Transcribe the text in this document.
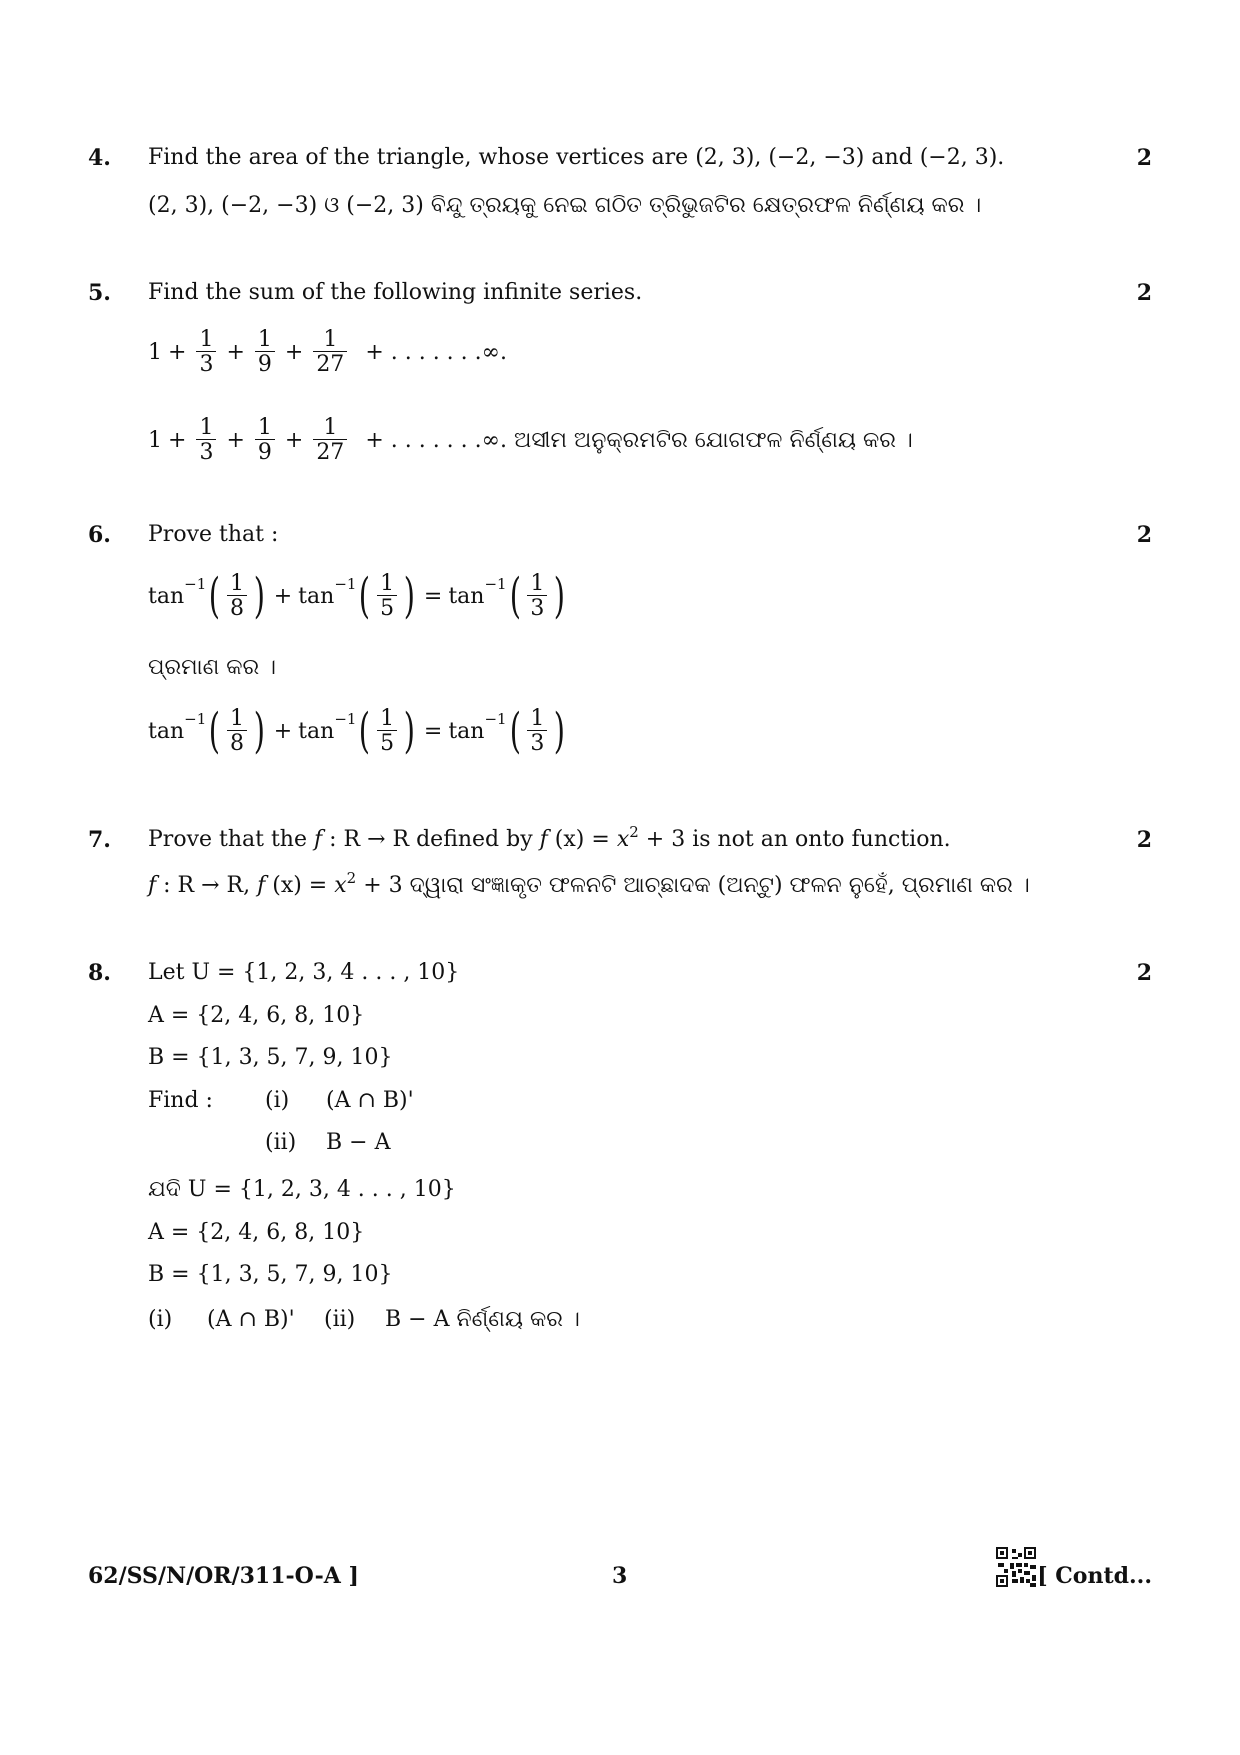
4. Find the area of the triangle, whose vertices are (2, 3), (−2, −3) and (−2, 3).	2
(2, 3), (−2, −3) ଓ (−2, 3) ବିନ୍ଦୁ ତ୍ରୟକୁ ନେଇ ଗଠିତ ତ୍ରିଭୁଜଟିର କ୍ଷେତ୍ରଫଳ ନିର୍ଣ୍ଣୟ କର ।
5. Find the sum of the following infinite series.	2
$1 + \frac{1}{3} + \frac{1}{9} + \frac{1}{27}$ + . . . . . . .∞.
$1 + \frac{1}{3} + \frac{1}{9} + \frac{1}{27}$ + . . . . . . .∞. ଅସୀମ ଅନୁକ୍ରମଟିର ଯୋଗଫଳ ନିର୍ଣ୍ଣୟ କର ।
6. Prove that :	2
tan −1 ( $\frac{1}{8}$ ) + tan −1 ( $\frac{1}{5}$ ) = tan −1 ( $\frac{1}{3}$ )
ପ୍ରମାଣ କର ।
tan −1 ( $\frac{1}{8}$ ) + tan −1 ( $\frac{1}{5}$ ) = tan −1 ( $\frac{1}{3}$ )
7. Prove that the f : R → R defined by f $(x) = x^2 + 3$ is not an onto function.	2
f : R → R, f $(x) = x^2 + 3$ ଦ୍ୱାରା ସଂଜ୍ଞାକୃତ ଫଳନଟି ଆଚ୍ଛାଦକ (ଅନ୍‌ଟୁ) ଫଳନ ନୁହେଁ, ପ୍ରମାଣ କର ।
8. Let U = {1, 2, 3, 4 . . . , 10}	2
A = {2, 4, 6, 8, 10}
B = {1, 3, 5, 7, 9, 10}
Find : (i) (A ∩ B)'
(ii) B − A
ଯଦି U = {1, 2, 3, 4 . . . , 10}
A = {2, 4, 6, 8, 10}
B = {1, 3, 5, 7, 9, 10}
(i) (A ∩ B)' (ii) B − A ନିର୍ଣ୍ଣୟ କର ।
62/SS/N/OR/311-O-A ]	3	[ Contd...
